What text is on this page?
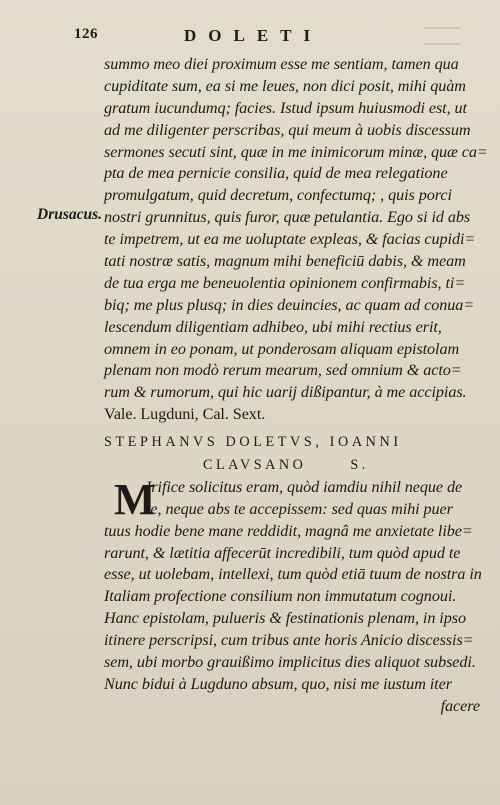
126	DOLETI
Drusacus.
summo meo diei proximum esse me sentiam, tamen qua
cupiditate sum, ea si me leues, non dici posit, mihi quàm
gratum iucundumq; facies. Istud ipsum huiusmodi est, ut
ad me diligenter perscribas, qui meum à uobis discessum
sermones secuti sint, quæ in me inimicorum minæ, quæ ca=
pta de mea pernicie consilia, quid de mea relegatione
promulgatum, quid decretum, confectumq; , quis porci
nostri grunnitus, quis furor, quæ petulantia. Ego si id abs
te impetrem, ut ea me uoluptate expleas, & facias cupidi=
tati nostræ satis, magnum mihi beneficiū dabis, & meam
de tua erga me beneuolentia opinionem confirmabis, ti=
biq; me plus plusq; in dies deuincies, ac quam ad conua=
lescendum diligentiam adhibeo, ubi mihi rectius erit,
omnem in eo ponam, ut ponderosam aliquam epistolam
plenam non modò rerum mearum, sed omnium & acto=
rum & rumorum, qui hic uarij dißipantur, à me accipias.
Vale. Lugduni, Cal. Sext.
STEPHANVS DOLETVS, IOANNI
CLAVSANO	S.
M
Irifice solicitus eram, quòd iamdiu nihil neque de
te, neque abs te accepissem: sed quas mihi puer
tuus hodie bene mane reddidit, magnâ me anxietate libe=
rarunt, & lætitia affecerūt incredibili, tum quòd apud te
esse, ut uolebam, intellexi, tum quòd etiā tuum de nostra in
Italiam profectione consilium non immutatum cognoui.
Hanc epistolam, pulueris & festinationis plenam, in ipso
itinere perscripsi, cum tribus ante horis Anicio discessis=
sem, ubi morbo grauißimo implicitus dies aliquot subsedi.
Nunc bidui à Lugduno absum, quo, nisi me iustum iter
facere
